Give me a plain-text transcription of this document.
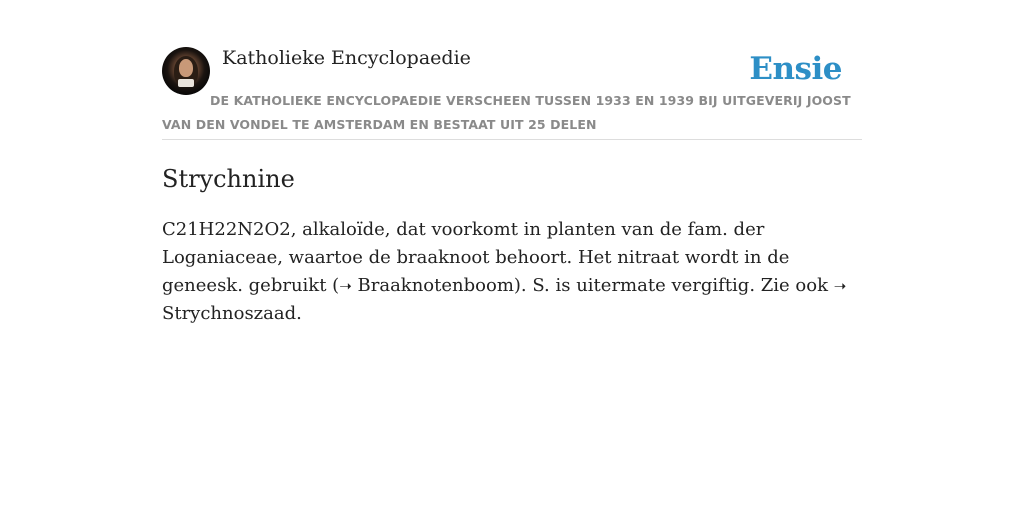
Katholieke Encyclopaedie	Ensie
DE KATHOLIEKE ENCYCLOPAEDIE VERSCHEEN TUSSEN 1933 EN 1939 BIJ UITGEVERIJ JOOST VAN DEN VONDEL TE AMSTERDAM EN BESTAAT UIT 25 DELEN
Strychnine

C21H22N2O2, alkaloïde, dat voorkomt in planten van de fam. der Loganiaceae, waartoe de braaknoot behoort. Het nitraat wordt in de geneesk. gebruikt (➝ Braaknotenboom). S. is uitermate vergiftig. Zie ook ➝ Strychnoszaad.
